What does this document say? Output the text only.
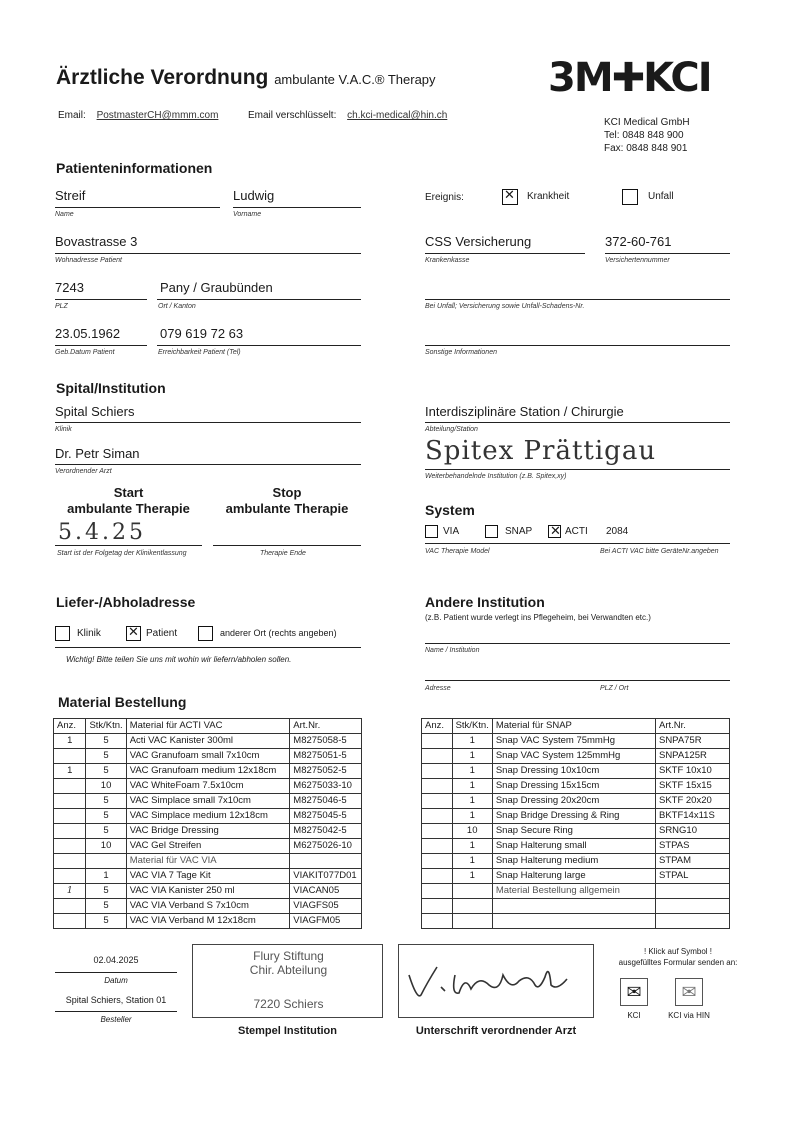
Ärztliche Verordnung ambulante V.A.C.® Therapy	3M✚KCI
Email: PostmasterCH@mmm.com	Email verschlüsselt: ch.kci-medical@hin.ch
KCI Medical GmbH
Tel: 0848 848 900
Fax: 0848 848 901
Patienteninformationen
Streif
Name
Ludwig
Vorname
Ereignis: ✕	Krankheit	Unfall
Bovastrasse 3
Wohnadresse Patient
CSS Versicherung
Krankenkasse
372-60-761
Versichertennummer
7243
PLZ
Pany / Graubünden
Ort / Kanton	Bei Unfall; Versicherung sowie Unfall-Schadens-Nr.
23.05.1962
Geb.Datum Patient
079 619 72 63
Erreichbarkeit Patient (Tel)	Sonstige Informationen
Spital/Institution
Spital Schiers
Klinik
Interdisziplinäre Station / Chirurgie
Abteilung/Station
Dr. Petr Siman
Verordnender Arzt
Spitex Prättigau
Weiterbehandelnde Institution (z.B. Spitex,xy)
Start
ambulante Therapie
Stop
ambulante Therapie
5.4.25
Start ist der Folgetag der Klinikentlassung	Therapie Ende
System
VIA	SNAP ✕	ACTI 2084
VAC Therapie Model	Bei ACTI VAC bitte GeräteNr.angeben
Liefer-/Abholadresse
Klinik ✕	Patient	anderer Ort (rechts angeben)
Wichtig! Bitte teilen Sie uns mit wohin wir liefern/abholen sollen.
Andere Institution
(z.B. Patient wurde verlegt ins Pflegeheim, bei Verwandten etc.)
Name / Institution
Adresse	PLZ / Ort
Material Bestellung
Anz.	Stk/Ktn.	Material für ACTI VAC	Art.Nr.
1	5	Acti VAC Kanister 300ml	M8275058-5
	5	VAC Granufoam small 7x10cm	M8275051-5
1	5	VAC Granufoam medium 12x18cm	M8275052-5
	10	VAC WhiteFoam 7.5x10cm	M6275033-10
	5	VAC Simplace small 7x10cm	M8275046-5
	5	VAC Simplace medium 12x18cm	M8275045-5
	5	VAC Bridge Dressing	M8275042-5
	10	VAC Gel Streifen	M6275026-10
		Material für VAC VIA	
	1	VAC VIA 7 Tage Kit	VIAKIT077D01
1	5	VAC VIA Kanister 250 ml	VIACAN05
	5	VAC VIA Verband S 7x10cm	VIAGFS05
	5	VAC VIA Verband M 12x18cm	VIAGFM05
Anz.	Stk/Ktn.	Material für SNAP	Art.Nr.
	1	Snap VAC System 75mmHg	SNPA75R
	1	Snap VAC System 125mmHg	SNPA125R
	1	Snap Dressing 10x10cm	SKTF 10x10
	1	Snap Dressing 15x15cm	SKTF 15x15
	1	Snap Dressing 20x20cm	SKTF 20x20
	1	Snap Bridge Dressing & Ring	BKTF14x11S
	10	Snap Secure Ring	SRNG10
	1	Snap Halterung small	STPAS
	1	Snap Halterung medium	STPAM
	1	Snap Halterung large	STPAL
		Material Bestellung allgemein	

02.04.2025
Datum
Spital Schiers, Station 01
Besteller
Flury Stiftung
Chir. Abteilung
7220 Schiers
Stempel Institution	Unterschrift verordnender Arzt
! Klick auf Symbol !
ausgefülltes Formular senden an:
✉	✉
KCI	KCI via HIN
